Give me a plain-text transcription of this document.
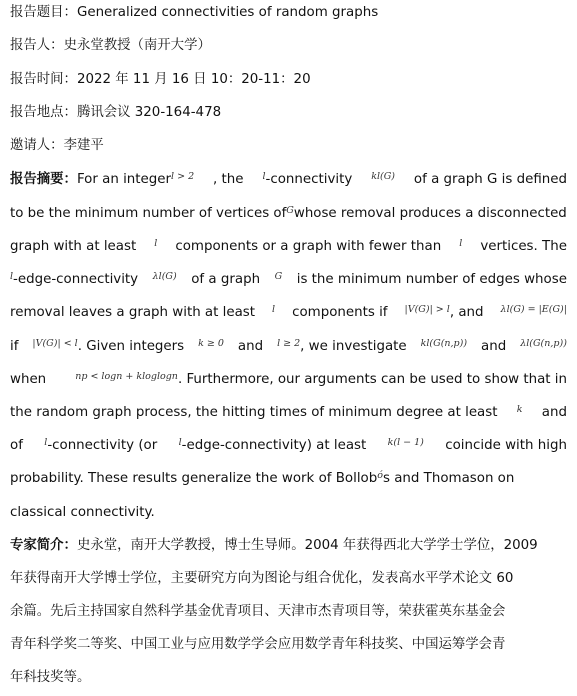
报告题目：Generalized connectivities of random graphs
报告人：史永堂教授（南开大学）
报告时间：2022 年 11 月 16 日 10：20-11：20
报告地点：腾讯会议 320-164-478
邀请人：李建平
报告摘要：For an integer$^{l > 2}$ , the $^l$-connectivity kl(G) of a graph G is defined
to be the minimum number of vertices of G whose removal produces a disconnected
graph with at least l components or a graph with fewer than l vertices. The
$^l$-edge-connectivity λl(G) of a graph G is the minimum number of edges whose
removal leaves a graph with at least l components if $^{|V(G)| > l}$, and λl(G) = |E(G)|
if $^{|V(G)| < l}$. Given integers k ≥ 0 and $^{l \ge 2}$, we investigate kl(G(n,p)) and λl(G(n,p))
when	$^{np < logn + kloglogn}$. Furthermore, our arguments can be used to show that in
the random graph process, the hitting times of minimum degree at least k and
of $^l$-connectivity (or $^l$-edge-connectivity) at least k(l − 1) coincide with high
probability. These results generalize the work of Bollob$^ó$s and Thomason on
classical connectivity.
专家简介：史永堂，南开大学教授，博士生导师。2004 年获得西北大学学士学位，2009
年获得南开大学博士学位，主要研究方向为图论与组合优化，发表高水平学术论文 60
余篇。先后主持国家自然科学基金优青项目、天津市杰青项目等，荣获霍英东基金会
青年科学奖二等奖、中国工业与应用数学学会应用数学青年科技奖、中国运筹学会青
年科技奖等。
